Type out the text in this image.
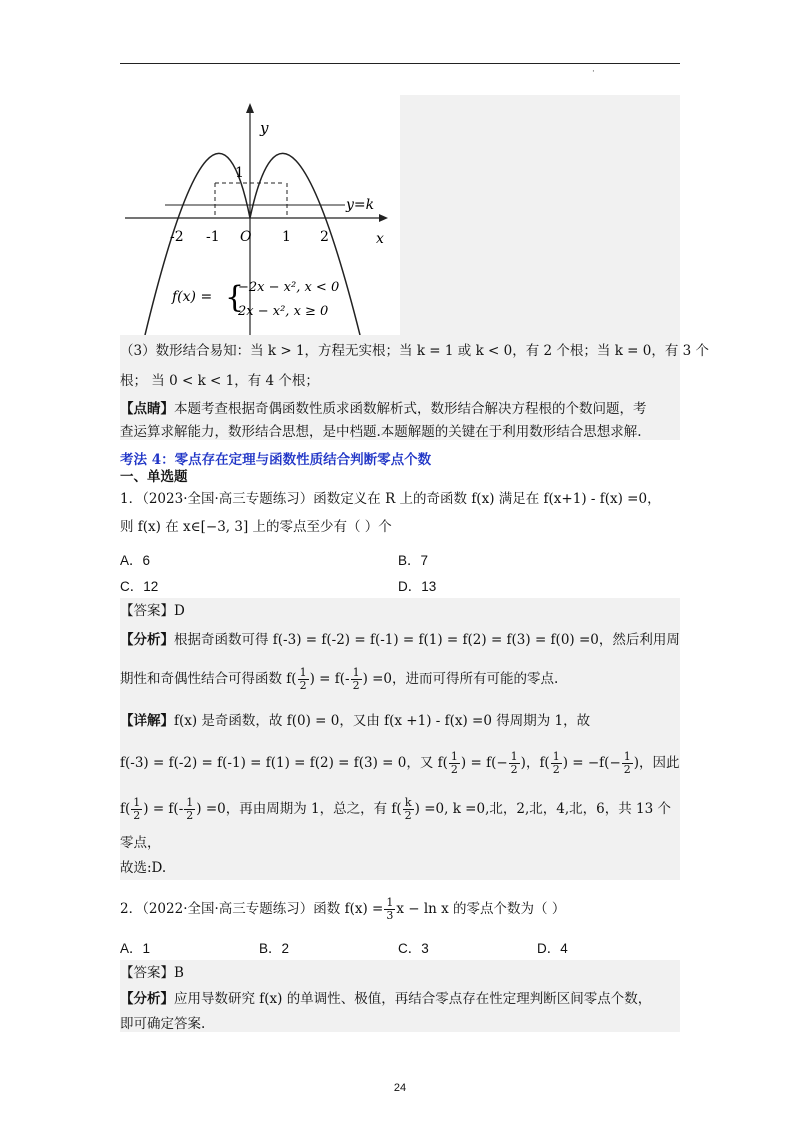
·
y
x
1
y=k
-2 -1 O 1 2
f(x) = {
−2x − x², x < 0
2x − x², x ≥ 0
（3）数形结合易知：当 k > 1，方程无实根；当 k = 1 或 k < 0，有 2 个根；当 k = 0，有 3 个
根； 当 0 < k < 1，有 4 个根；
【点睛】本题考查根据奇偶函数性质求函数解析式，数形结合解决方程根的个数问题，考
查运算求解能力，数形结合思想，是中档题.本题解题的关键在于利用数形结合思想求解.
考法 4：零点存在定理与函数性质结合判断零点个数
一、单选题
1．（2023·全国·高三专题练习）函数定义在 R 上的奇函数 f(x) 满足在 f(x+1) - f(x) =0，
则 f(x) 在 x∈[−3, 3] 上的零点至少有（ ）个
A．6	B．7
C．12	D．13
【答案】D
【分析】根据奇函数可得 f(-3) = f(-2) = f(-1) = f(1) = f(2) = f(3) = f(0) =0，然后利用周
期性和奇偶性结合可得函数 $f( \frac{1}{2}$ ) = $f(- \frac{1}{2}$ ) =0，进而可得所有可能的零点.
【详解】f(x) 是奇函数，故 f(0) = 0，又由 f(x +1) - f(x) =0 得周期为 1，故
f(-3) = f(-2) = f(-1) = f(1) = f(2) = f(3) = 0，又 $f( \frac{1}{2}$ ) = $f(- \frac{1}{2}$ )，$f( \frac{1}{2}$ ) = $-f(- \frac{1}{2}$ )，因此
$f( \frac{1}{2}$ ) = $f(- \frac{1}{2}$ ) =0，再由周期为 1，总之，有 $f( \frac{k}{2}$ ) =0, k =0,北，2,北，4,北，6，共 13 个
零点，
故选:D.
2．（2022·全国·高三专题练习）函数 $f(x) = \frac{1}{3}$ x − ln x 的零点个数为（ ）
A．1	B．2	C．3	D．4
【答案】B
【分析】应用导数研究 f(x) 的单调性、极值，再结合零点存在性定理判断区间零点个数，
即可确定答案.
24
